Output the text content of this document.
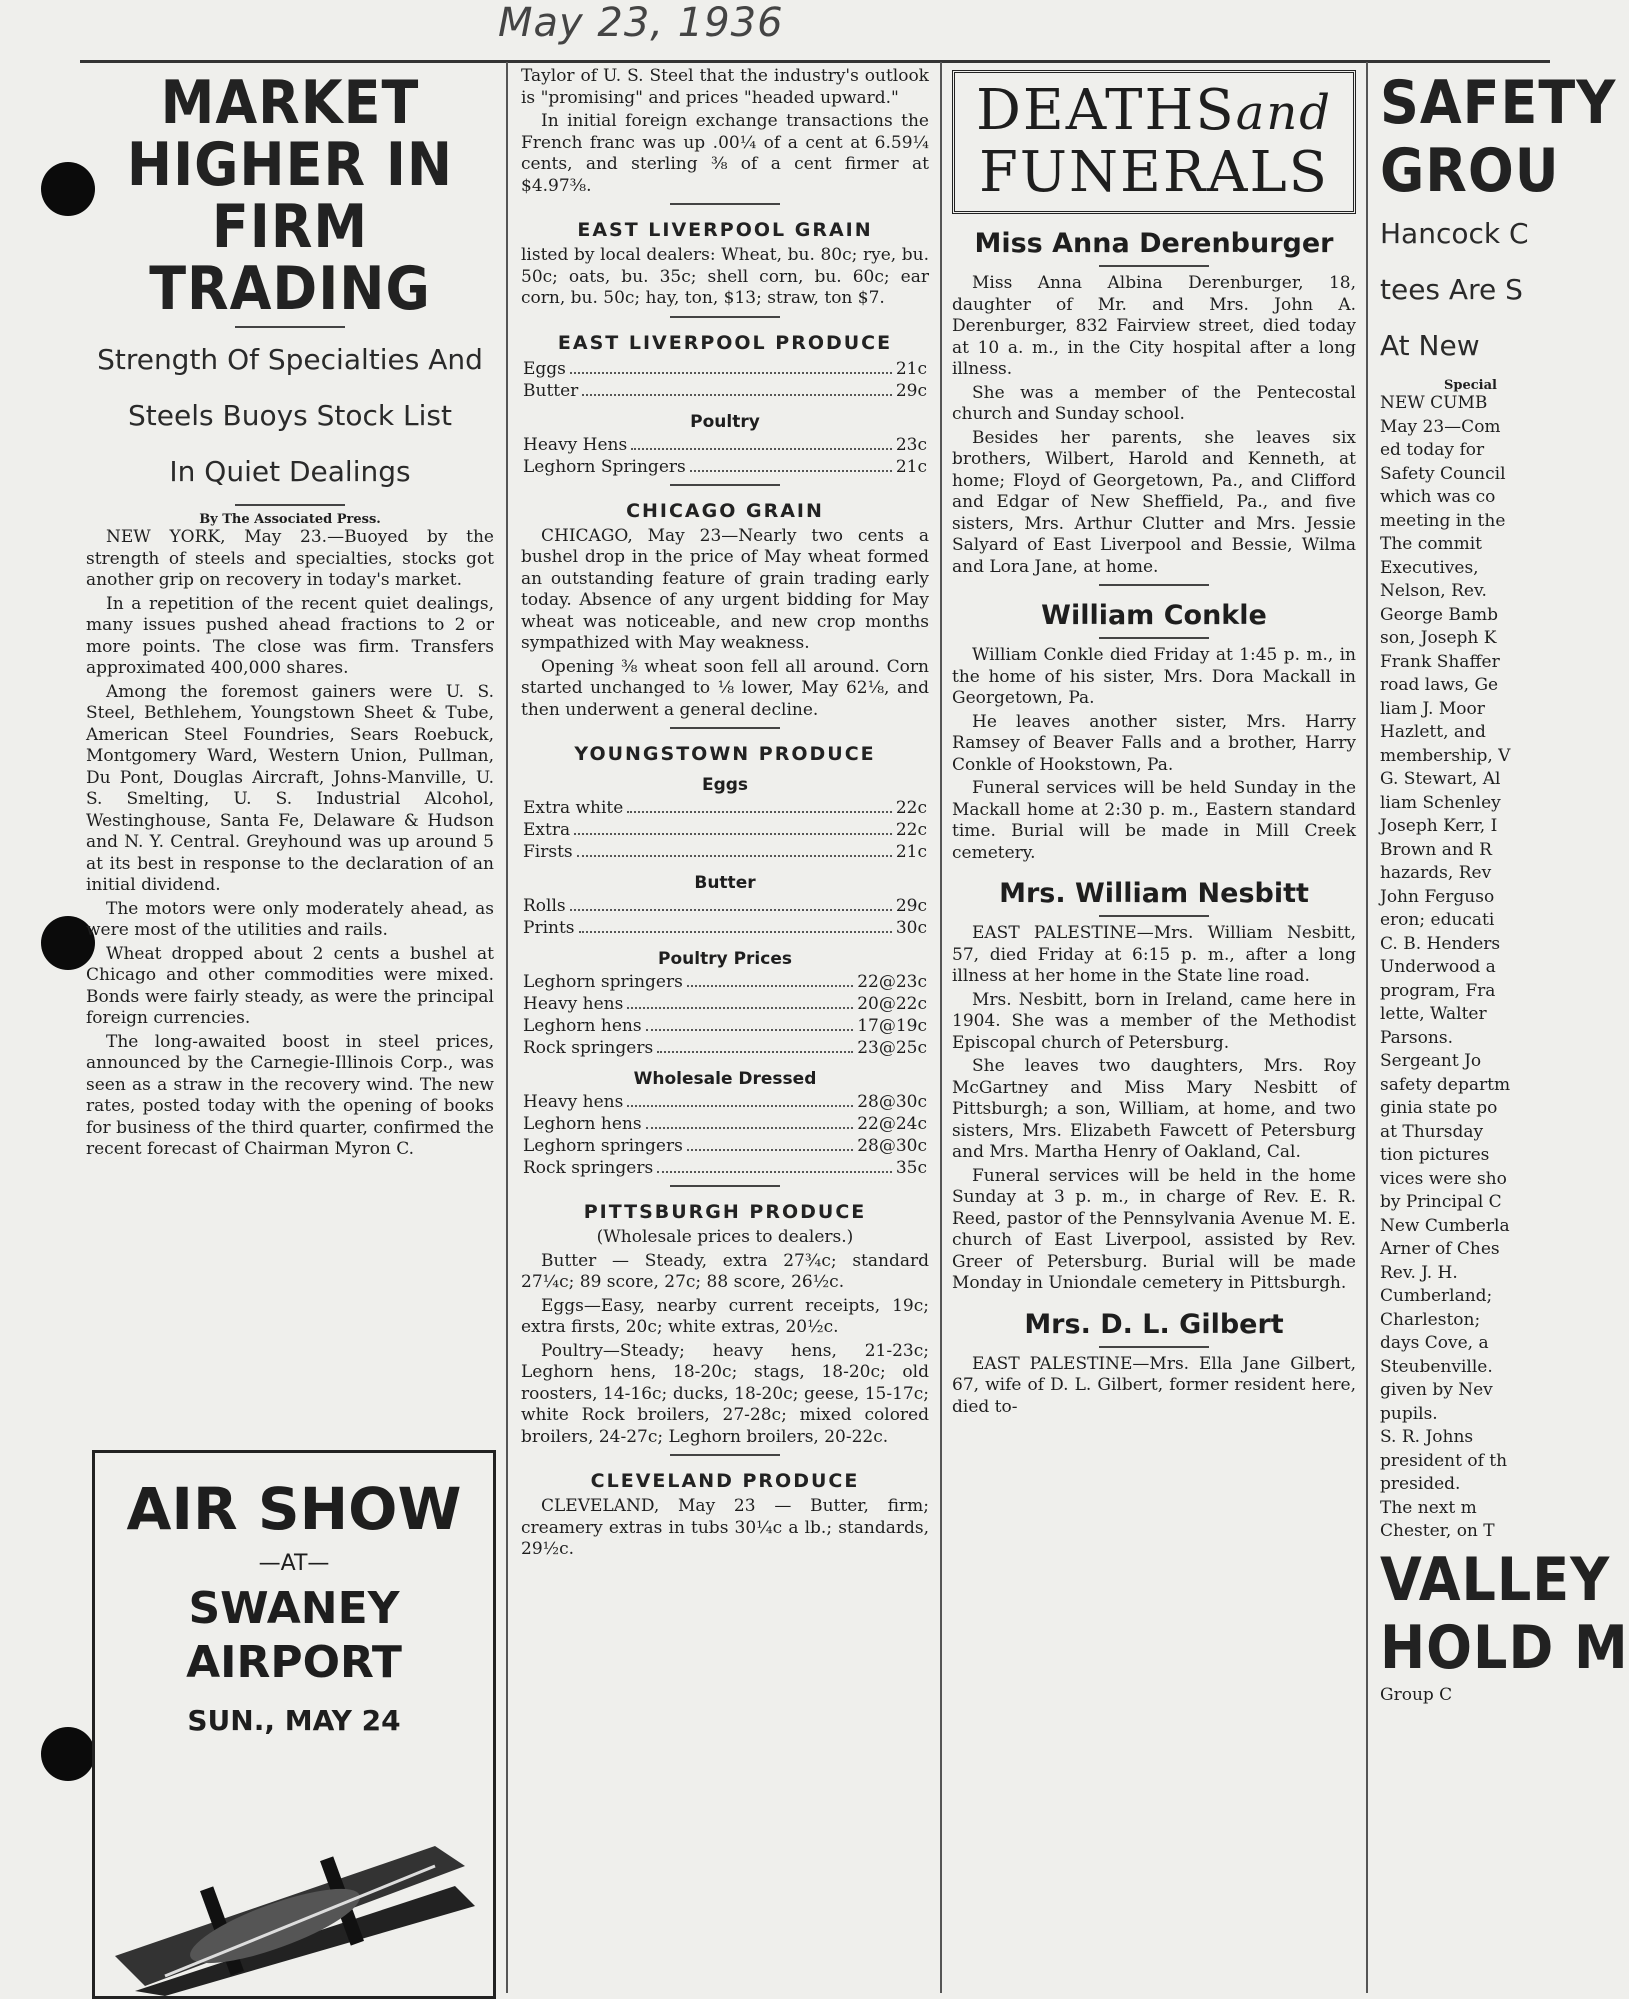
May 23, 1936
MARKET HIGHER IN FIRM TRADING
Strength Of Specialties And
Steels Buoys Stock List
In Quiet Dealings
By The Associated Press.

NEW YORK, May 23.—Buoyed by the strength of steels and specialties, stocks got another grip on recovery in today's market.

In a repetition of the recent quiet dealings, many issues pushed ahead fractions to 2 or more points. The close was firm. Transfers approximated 400,000 shares.

Among the foremost gainers were U. S. Steel, Bethlehem, Youngstown Sheet & Tube, American Steel Foundries, Sears Roebuck, Montgomery Ward, Western Union, Pullman, Du Pont, Douglas Aircraft, Johns-Manville, U. S. Smelting, U. S. Industrial Alcohol, Westinghouse, Santa Fe, Delaware & Hudson and N. Y. Central. Greyhound was up around 5 at its best in response to the declaration of an initial dividend.

The motors were only moderately ahead, as were most of the utilities and rails.

Wheat dropped about 2 cents a bushel at Chicago and other commodities were mixed. Bonds were fairly steady, as were the principal foreign currencies.

The long-awaited boost in steel prices, announced by the Carnegie-Illinois Corp., was seen as a straw in the recovery wind. The new rates, posted today with the opening of books for business of the third quarter, confirmed the recent forecast of Chairman Myron C.

AIR SHOW
—AT—
SWANEY
AIRPORT
SUN., MAY 24

Taylor of U. S. Steel that the industry's outlook is "promising" and prices "headed upward."

In initial foreign exchange transactions the French franc was up .00¼ of a cent at 6.59¼ cents, and sterling ⅜ of a cent firmer at $4.97⅜.

EAST LIVERPOOL GRAIN

listed by local dealers: Wheat, bu. 80c; rye, bu. 50c; oats, bu. 35c; shell corn, bu. 60c; ear corn, bu. 50c; hay, ton, $13; straw, ton $7.

EAST LIVERPOOL PRODUCE
Eggs	21c
Butter	29c
Poultry
Heavy Hens	23c
Leghorn Springers	21c
CHICAGO GRAIN

CHICAGO, May 23—Nearly two cents a bushel drop in the price of May wheat formed an outstanding feature of grain trading early today. Absence of any urgent bidding for May wheat was noticeable, and new crop months sympathized with May weakness.

Opening ⅜ wheat soon fell all around. Corn started unchanged to ⅛ lower, May 62⅛, and then underwent a general decline.

YOUNGSTOWN PRODUCE
Eggs
Extra white	22c
Extra	22c
Firsts	21c
Butter
Rolls	29c
Prints	30c
Poultry Prices
Leghorn springers	22@23c
Heavy hens	20@22c
Leghorn hens	17@19c
Rock springers	23@25c
Wholesale Dressed
Heavy hens	28@30c
Leghorn hens	22@24c
Leghorn springers	28@30c
Rock springers	35c
PITTSBURGH PRODUCE

(Wholesale prices to dealers.)

Butter — Steady, extra 27¾c; standard 27¼c; 89 score, 27c; 88 score, 26½c.

Eggs—Easy, nearby current receipts, 19c; extra firsts, 20c; white extras, 20½c.

Poultry—Steady; heavy hens, 21-23c; Leghorn hens, 18-20c; stags, 18-20c; old roosters, 14-16c; ducks, 18-20c; geese, 15-17c; white Rock broilers, 27-28c; mixed colored broilers, 24-27c; Leghorn broilers, 20-22c.

CLEVELAND PRODUCE

CLEVELAND, May 23 — Butter, firm; creamery extras in tubs 30¼c a lb.; standards, 29½c.

DEATHSand
FUNERALS
Miss Anna Derenburger

Miss Anna Albina Derenburger, 18, daughter of Mr. and Mrs. John A. Derenburger, 832 Fairview street, died today at 10 a. m., in the City hospital after a long illness.

She was a member of the Pentecostal church and Sunday school.

Besides her parents, she leaves six brothers, Wilbert, Harold and Kenneth, at home; Floyd of Georgetown, Pa., and Clifford and Edgar of New Sheffield, Pa., and five sisters, Mrs. Arthur Clutter and Mrs. Jessie Salyard of East Liverpool and Bessie, Wilma and Lora Jane, at home.

William Conkle

William Conkle died Friday at 1:45 p. m., in the home of his sister, Mrs. Dora Mackall in Georgetown, Pa.

He leaves another sister, Mrs. Harry Ramsey of Beaver Falls and a brother, Harry Conkle of Hookstown, Pa.

Funeral services will be held Sunday in the Mackall home at 2:30 p. m., Eastern standard time. Burial will be made in Mill Creek cemetery.

Mrs. William Nesbitt

EAST PALESTINE—Mrs. William Nesbitt, 57, died Friday at 6:15 p. m., after a long illness at her home in the State line road.

Mrs. Nesbitt, born in Ireland, came here in 1904. She was a member of the Methodist Episcopal church of Petersburg.

She leaves two daughters, Mrs. Roy McGartney and Miss Mary Nesbitt of Pittsburgh; a son, William, at home, and two sisters, Mrs. Elizabeth Fawcett of Petersburg and Mrs. Martha Henry of Oakland, Cal.

Funeral services will be held in the home Sunday at 3 p. m., in charge of Rev. E. R. Reed, pastor of the Pennsylvania Avenue M. E. church of East Liverpool, assisted by Rev. Greer of Petersburg. Burial will be made Monday in Uniondale cemetery in Pittsburgh.

Mrs. D. L. Gilbert

EAST PALESTINE—Mrs. Ella Jane Gilbert, 67, wife of D. L. Gilbert, former resident here, died to-

SAFETY
GROU
Hancock C
tees Are S
At New
Special

NEW CUMB

May 23—Com

ed today for

Safety Council

which was co

meeting in the

The commit

Executives,

Nelson, Rev.

George Bamb

son, Joseph K

Frank Shaffer

road laws, Ge

liam J. Moor

Hazlett, and

membership, V

G. Stewart, Al

liam Schenley

Joseph Kerr, I

Brown and R

hazards, Rev

John Ferguso

eron; educati

C. B. Henders

Underwood a

program, Fra

lette, Walter

Parsons.

Sergeant Jo

safety departm

ginia state po

at Thursday

tion pictures

vices were sho

by Principal C

New Cumberla

Arner of Ches

Rev. J. H.

Cumberland;

Charleston;

days Cove, a

Steubenville.

given by Nev

pupils.

S. R. Johns

president of th

presided.

The next m

Chester, on T

VALLEY
HOLD M
Group C
